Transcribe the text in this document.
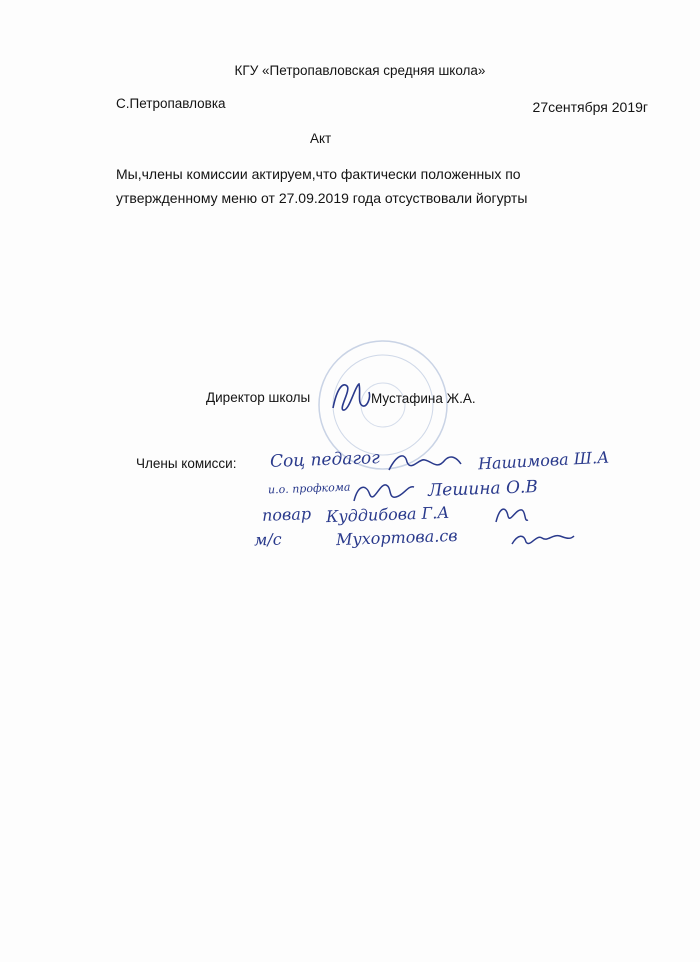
КГУ «Петропавловская средняя школа»
С.Петропавловка	27сентября 2019г
Акт
Мы,члены комиссии актируем,что фактически положенных по
утвержденному меню от 27.09.2019 года отсуствовали йогурты
Директор школы	Мустафина Ж.А.
Члены комисси: Соц педагог	Нашимова Ш.А
и.о. профкома	Лешина О.В
повар Куддибова Г.А
м/с	Мухортова.св
